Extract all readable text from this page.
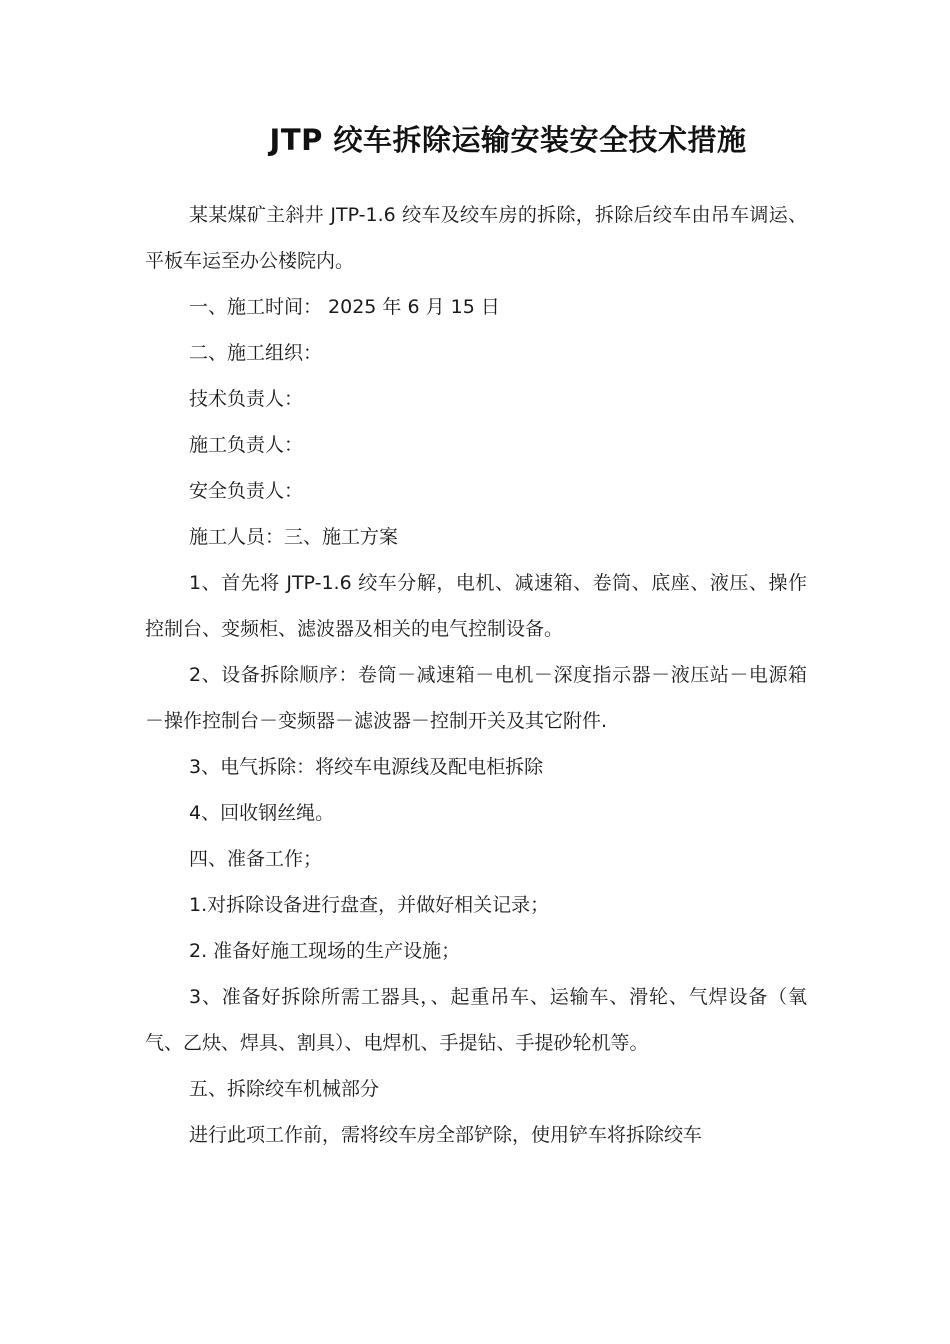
JTP 绞车拆除运输安装安全技术措施

某某煤矿主斜井 JTP-1.6 绞车及绞车房的拆除，拆除后绞车由吊车调运、平板车运至办公楼院内。

一、施工时间： 2025 年 6 月 15 日

二、施工组织：

技术负责人：

施工负责人：

安全负责人：

施工人员：三、施工方案

1、首先将 JTP-1.6 绞车分解，电机、减速箱、卷筒、底座、液压、操作控制台、变频柜、滤波器及相关的电气控制设备。

2、设备拆除顺序：卷筒－减速箱－电机－深度指示器－液压站－电源箱－操作控制台－变频器－滤波器－控制开关及其它附件.

3、电气拆除：将绞车电源线及配电柜拆除

4、回收钢丝绳。

四、准备工作；

1.对拆除设备进行盘查，并做好相关记录；

2. 准备好施工现场的生产设施；

3、准备好拆除所需工器具，、起重吊车、运输车、滑轮、气焊设备（氧气、乙炔、焊具、割具）、电焊机、手提钻、手提砂轮机等。

五、拆除绞车机械部分

进行此项工作前，需将绞车房全部铲除，使用铲车将拆除绞车
